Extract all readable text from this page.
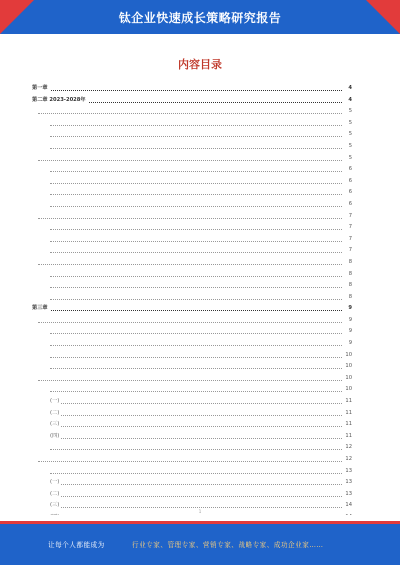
钛企业快速成长策略研究报告
内容目录
第一章	4
第二章 2023-2028年	4
5
5
5
5
5
6
6
6
6
7
7
7
7
8
8
8
8
第三章	9
9
9
9
10
10
10
10
(一)	11
(二)	11
(三)	11
(四)	11
12
12
13
(一)	13
(二)	13
(三)	14
1
让每个人都能成为	行业专家、管理专家、营销专家、战略专家、成功企业家……
